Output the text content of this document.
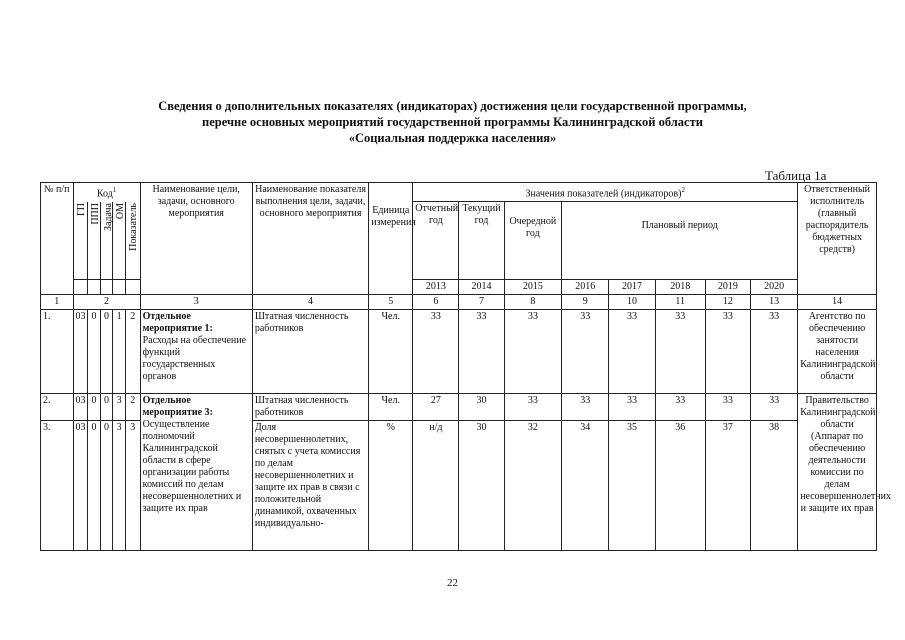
Сведения о дополнительных показателях (индикаторах) достижения цели государственной программы,
перечне основных мероприятий государственной программы Калининградской области
«Социальная поддержка населения»
Таблица 1а
№ п/п	Код$^1$					Наименование цели, задачи, основного мероприятия	Наименование показателя выполнения цели, задачи, основного мероприятия	Единица измерения	Значения показателей (индикаторов)$^2$								Ответственный исполнитель (главный распорядитель бюджетных средств)

	ГП	ППП	Задача	ОМ	Показатель				Отчетный год	Текущий год	Очередной год	Плановый период					
									2013	2014	2015	2016	2017	2018	2019	2020	
1	2					3	4	5	6	7	8	9	10	11	12	13	14
1.	03	0	0	1	2	Отдельное мероприятие 1: Расходы на обеспечение функций государственных органов	Штатная численность работников	Чел.	33	33	33	33	33	33	33	33	Агентство по обеспечению занятости населения Калининградской области
2.	03	0	0	3	2	Отдельное мероприятие 3: Осуществление полномочий Калининградской области в сфере организации работы комиссий по делам несовершеннолетних и защите их прав	Штатная численность работников	Чел.	27	30	33	33	33	33	33	33	Правительство Калининградской области (Аппарат по обеспечению деятельности комиссии по делам несовершеннолетних и защите их прав
3.	03	0	0	3	3		Доля несовершеннолетних, снятых с учета комиссия по делам несовершеннолетних и защите их прав в связи с положительной динамикой, охваченных индивидуально-	%	н/д	30	32	34	35	36	37	38	
22
